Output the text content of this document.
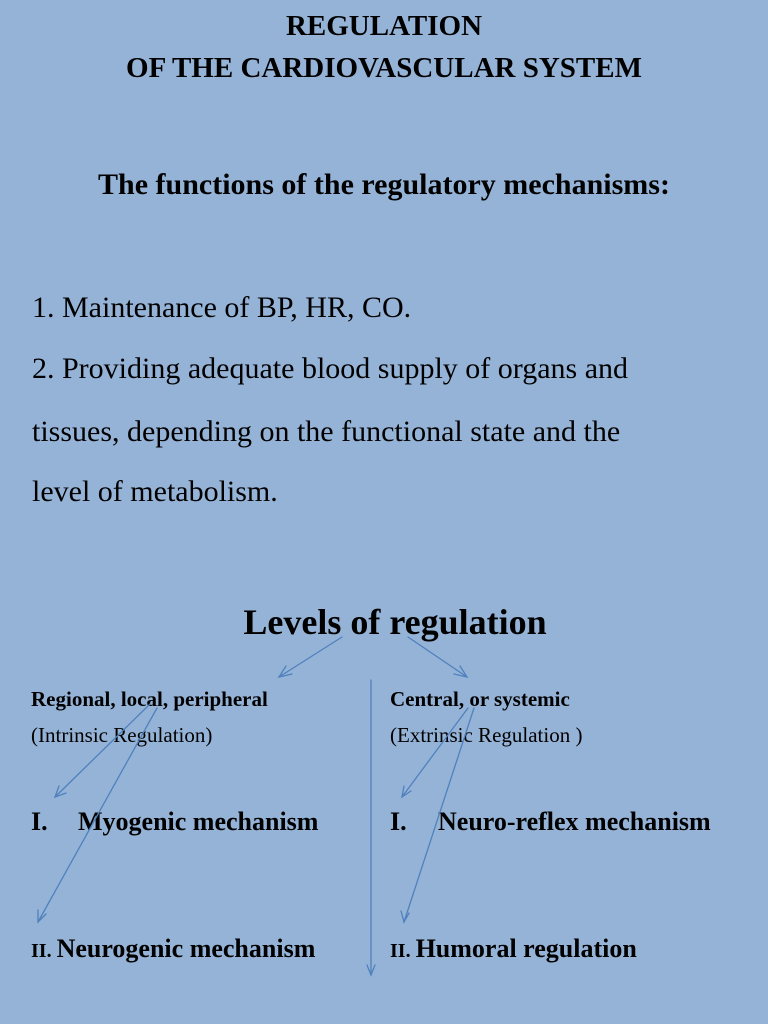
REGULATION
OF THE CARDIOVASCULAR SYSTEM
The functions of the regulatory mechanisms:
1. Maintenance of BP, HR, CO.
2. Providing adequate blood supply of organs and
tissues, depending on the functional state and the
level of metabolism.
Levels of regulation
Regional, local, peripheral
(Intrinsic Regulation)
I. Myogenic mechanism
II. Neurogenic mechanism
Central, or systemic
(Extrinsic Regulation )
I. Neuro-reflex mechanism
II. Humoral regulation
